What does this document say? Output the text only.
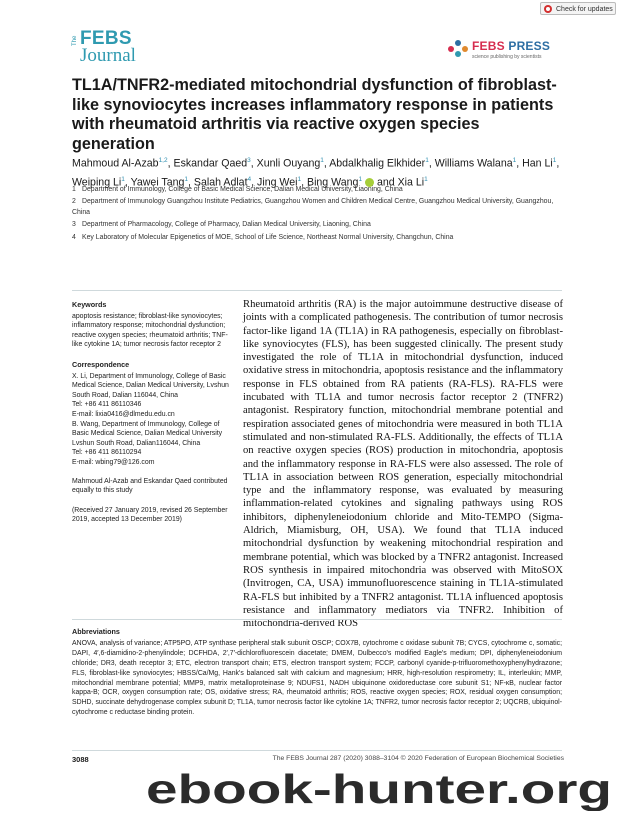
Check for updates
The FEBS
Journal	FEBS PRESS
science publishing by scientists
TL1A/TNFR2-mediated mitochondrial dysfunction of fibroblast-like synoviocytes increases inflammatory response in patients with rheumatoid arthritis via reactive oxygen species generation
Mahmoud Al-Azab$^{1,2}$, Eskandar Qaed$^3$, Xunli Ouyang$^1$, Abdalkhalig Elkhider$^1$, Williams Walana$^1$, Han Li$^1$, Weiping Li$^1$, Yawei Tang$^1$, Salah Adlat$^4$, Jing Wei$^1$, Bing Wang$^1$ and Xia Li$^1$

1 Department of Immunology, College of Basic Medical Science, Dalian Medical University, Liaoning, China

2 Department of Immunology Guangzhou Institute Pediatrics, Guangzhou Women and Children Medical Centre, Guangzhou Medical University, Guangzhou, China

3 Department of Pharmacology, College of Pharmacy, Dalian Medical University, Liaoning, China

4 Key Laboratory of Molecular Epigenetics of MOE, School of Life Science, Northeast Normal University, Changchun, China

Keywords

apoptosis resistance; fibroblast-like synoviocytes; inflammatory response; mitochondrial dysfunction; reactive oxygen species; rheumatoid arthritis; TNF-like cytokine 1A; tumor necrosis factor receptor 2

Correspondence

X. Li, Department of Immunology, College of Basic Medical Science, Dalian Medical University, Lvshun South Road, Dalian 116044, China

Tel: +86 411 86110346

E-mail: lixia0416@dlmedu.edu.cn

B. Wang, Department of Immunology, College of Basic Medical Science, Dalian Medical University Lvshun South Road, Dalian116044, China

Tel: +86 411 86110294

E-mail: wbing79@126.com

Mahmoud Al-Azab and Eskandar Qaed contributed equally to this study

(Received 27 January 2019, revised 26 September 2019, accepted 13 December 2019)

Rheumatoid arthritis (RA) is the major autoimmune destructive disease of joints with a complicated pathogenesis. The contribution of tumor necrosis factor-like ligand 1A (TL1A) in RA pathogenesis, especially on fibroblast-like synoviocytes (FLS), has been suggested clinically. The present study investigated the role of TL1A in mitochondrial dysfunction, induced oxidative stress in mitochondria, apoptosis resistance and the inflammatory response in FLS obtained from RA patients (RA-FLS). RA-FLS were incubated with TL1A and tumor necrosis factor receptor 2 (TNFR2) antagonist. Respiratory function, mitochondrial membrane potential and respiration associated genes of mitochondria were measured in both TL1A stimulated and non-stimulated RA-FLS. Additionally, the effects of TL1A on reactive oxygen species (ROS) production in mitochondria, apoptosis and the inflammatory response in RA-FLS were also assessed. The role of TL1A in association between ROS generation, especially mitochondrial type and the inflammatory response, was evaluated by measuring inflammation-related cytokines and signaling pathways using ROS inhibitors, diphenyleneiodonium chloride and Mito-TEMPO (Sigma-Aldrich, Miamisburg, OH, USA). We found that TL1A induced mitochondrial dysfunction by weakening mitochondrial respiration and membrane potential, which was blocked by a TNFR2 antagonist. Increased ROS synthesis in impaired mitochondria was observed with MitoSOX (Invitrogen, CA, USA) immunofluorescence staining in TL1A-stimulated RA-FLS but inhibited by a TNFR2 antagonist. TL1A influenced apoptosis resistance and inflammatory mediators via TNFR2. Inhibition of mitochondria-derived ROS

Abbreviations

ANOVA, analysis of variance; ATP5PO, ATP synthase peripheral stalk subunit OSCP; COX7B, cytochrome c oxidase subunit 7B; CYCS, cytochrome c, somatic; DAPI, 4′,6-diamidino-2-phenylindole; DCFHDA, 2′,7′-dichlorofluorescein diacetate; DMEM, Dulbecco's modified Eagle's medium; DPI, diphenyleneiodonium chloride; DR3, death receptor 3; ETC, electron transport chain; ETS, electron transport system; FCCP, carbonyl cyanide-p-trifluoromethoxyphenylhydrazone; FLS, fibroblast-like synoviocytes; HBSS/Ca/Mg, Hank's balanced salt with calcium and magnesium; HRR, high-resolution respirometry; IL, interleukin; MMP, mitochondrial membrane potential; MMP9, matrix metalloproteinase 9; NDUFS1, NADH ubiquinone oxidoreductase core subunit S1; NF-κB, nuclear factor kappa-B; OCR, oxygen consumption rate; OS, oxidative stress; RA, rheumatoid arthritis; ROS, reactive oxygen species; ROX, residual oxygen consumption; SDHD, succinate dehydrogenase complex subunit D; TL1A, tumor necrosis factor like cytokine 1A; TNFR2, tumor necrosis factor receptor 2; UQCRB, ubiquinol-cytochrome c reductase binding protein.

3088	The FEBS Journal 287 (2020) 3088–3104 © 2020 Federation of European Biochemical Societies
ebook-hunter.org
